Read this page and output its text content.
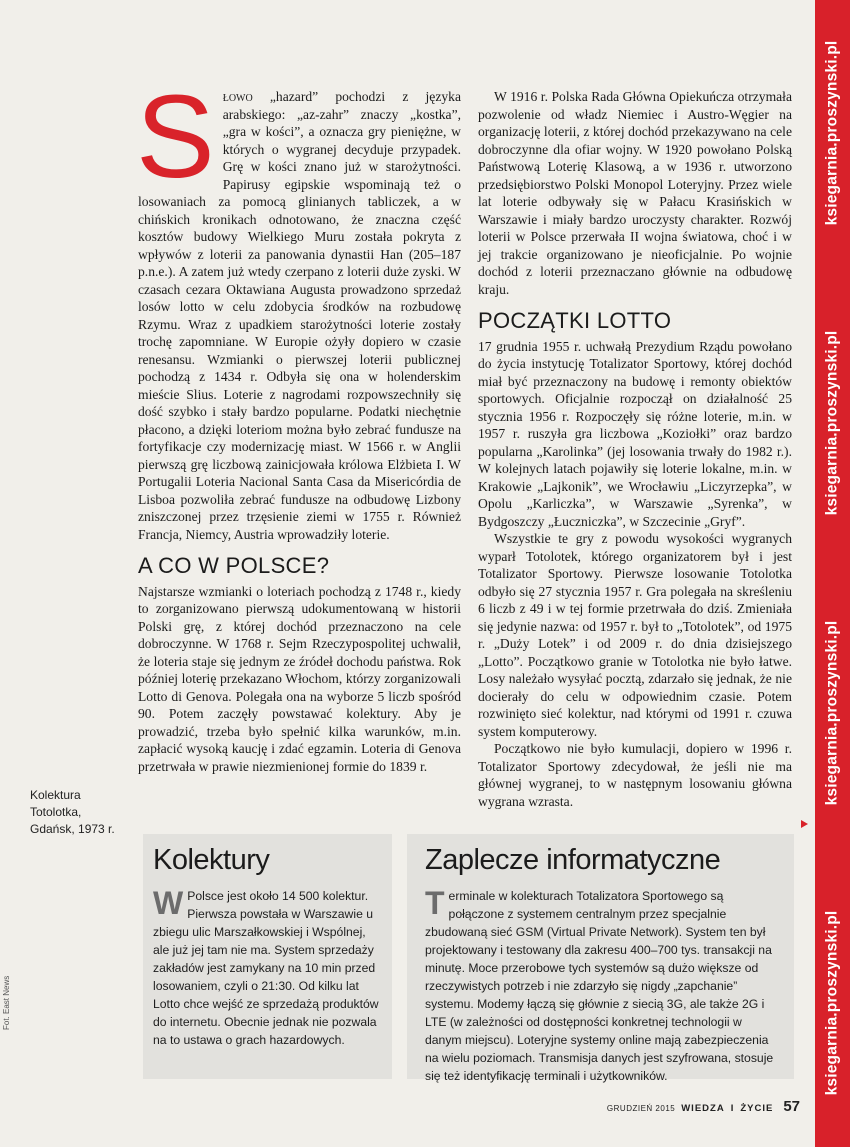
S łowo „hazard” pochodzi z języka arabskiego: „az-zahr” znaczy „kostka”, „gra w kości”, a oznacza gry pieniężne, w których o wygranej decyduje przypadek. Grę w kości znano już w starożytności. Papirusy egipskie wspominają też o losowaniach za pomocą glinianych tabliczek, a w chińskich kronikach odnotowano, że znaczna część kosztów budowy Wielkiego Muru została pokryta z wpływów z loterii za panowania dynastii Han (205–187 p.n.e.). A zatem już wtedy czerpano z loterii duże zyski. W czasach cezara Oktawiana Augusta prowadzono sprzedaż losów lotto w celu zdobycia środków na rozbudowę Rzymu. Wraz z upadkiem starożytności loterie zostały trochę zapomniane. W Europie ożyły dopiero w czasie renesansu. Wzmianki o pierwszej loterii publicznej pochodzą z 1434 r. Odbyła się ona w holenderskim mieście Slius. Loterie z nagrodami rozpowszechniły się dość szybko i stały bardzo popularne. Podatki niechętnie płacono, a dzięki loteriom można było zebrać fundusze na fortyfikacje czy modernizację miast. W 1566 r. w Anglii pierwszą grę liczbową zainicjowała królowa Elżbieta I. W Portugalii Loteria Nacional Santa Casa da Misericórdia de Lisboa pozwoliła zebrać fundusze na odbudowę Lizbony zniszczonej przez trzęsienie ziemi w 1755 r. Również Francja, Niemcy, Austria wprowadziły loterie.

A CO W POLSCE?

Najstarsze wzmianki o loteriach pochodzą z 1748 r., kiedy to zorganizowano pierwszą udokumentowaną w historii Polski grę, z której dochód przeznaczono na cele dobroczynne. W 1768 r. Sejm Rzeczypospolitej uchwalił, że loteria staje się jednym ze źródeł dochodu państwa. Rok później loterię przekazano Włochom, którzy zorganizowali Lotto di Genova. Polegała ona na wyborze 5 liczb spośród 90. Potem zaczęły powstawać kolektury. Aby je prowadzić, trzeba było spełnić kilka warunków, m.in. zapłacić wysoką kaucję i zdać egzamin. Loteria di Genova przetrwała w prawie niezmienionej formie do 1839 r.

W 1916 r. Polska Rada Główna Opiekuńcza otrzymała pozwolenie od władz Niemiec i Austro-Węgier na organizację loterii, z której dochód przekazywano na cele dobroczynne dla ofiar wojny. W 1920 powołano Polską Państwową Loterię Klasową, a w 1936 r. utworzono przedsiębiorstwo Polski Monopol Loteryjny. Przez wiele lat loterie odbywały się w Pałacu Krasińskich w Warszawie i miały bardzo uroczysty charakter. Rozwój loterii w Polsce przerwała II wojna światowa, choć i w jej trakcie organizowano je nieoficjalnie. Po wojnie dochód z loterii przeznaczano głównie na odbudowę kraju.

POCZĄTKI LOTTO

17 grudnia 1955 r. uchwałą Prezydium Rządu powołano do życia instytucję Totalizator Sportowy, której dochód miał być przeznaczony na budowę i remonty obiektów sportowych. Oficjalnie rozpoczął on działalność 25 stycznia 1956 r. Rozpoczęły się różne loterie, m.in. w 1957 r. ruszyła gra liczbowa „Koziołki” oraz bardzo popularna „Karolinka” (jej losowania trwały do 1982 r.). W kolejnych latach pojawiły się loterie lokalne, m.in. w Krakowie „Lajkonik”, we Wrocławiu „Liczyrzepka”, w Opolu „Karliczka”, w Warszawie „Syrenka”, w Bydgoszczy „Łuczniczka”, w Szczecinie „Gryf”.

Wszystkie te gry z powodu wysokości wygranych wyparł Totolotek, którego organizatorem był i jest Totalizator Sportowy. Pierwsze losowanie Totolotka odbyło się 27 stycznia 1957 r. Gra polegała na skreśleniu 6 liczb z 49 i w tej formie przetrwała do dziś. Zmieniała się jedynie nazwa: od 1957 r. był to „Totolotek”, od 1975 r. „Duży Lotek” i od 2009 r. do dnia dzisiejszego „Lotto”. Początkowo granie w Totolotka nie było łatwe. Losy należało wysyłać pocztą, zdarzało się jednak, że nie docierały do celu w odpowiednim czasie. Potem rozwinięto sieć kolektur, nad którymi od 1991 r. czuwa system komputerowy.

Początkowo nie było kumulacji, dopiero w 1996 r. Totalizator Sportowy zdecydował, że jeśli nie ma głównej wygranej, to w następnym losowaniu główna wygrana wzrasta.

Kolektura
Totolotka,
Gdańsk, 1973 r.
Fot. East News
Kolektury
W Polsce jest około 14 500 kolektur. Pierwsza powstała w Warszawie u zbiegu ulic Marszałkowskiej i Wspólnej, ale już jej tam nie ma. System sprzedaży zakładów jest zamykany na 10 min przed losowaniem, czyli o 21:30. Od kilku lat Lotto chce wejść ze sprzedażą produktów do internetu. Obecnie jednak nie pozwala na to ustawa o grach hazardowych.
Zaplecze informatyczne
Terminale w kolekturach Totalizatora Sportowego są połączone z systemem centralnym przez specjalnie zbudowaną sieć GSM (Virtual Private Network). System ten był projektowany i testowany dla zakresu 400–700 tys. transakcji na minutę. Moce przerobowe tych systemów są dużo większe od rzeczywistych potrzeb i nie zdarzyło się nigdy „zapchanie” systemu. Modemy łączą się głównie z siecią 3G, ale także 2G i LTE (w zależności od dostępności konkretnej technologii w danym miejscu). Loteryjne systemy online mają zabezpieczenia na wielu poziomach. Transmisja danych jest szyfrowana, stosuje się też identyfikację terminali i użytkowników.
ksiegarnia.proszynski.pl
ksiegarnia.proszynski.pl
ksiegarnia.proszynski.pl
ksiegarnia.proszynski.pl
GRUDZIEŃ 2015 WIEDZA I ŻYCIE 57
